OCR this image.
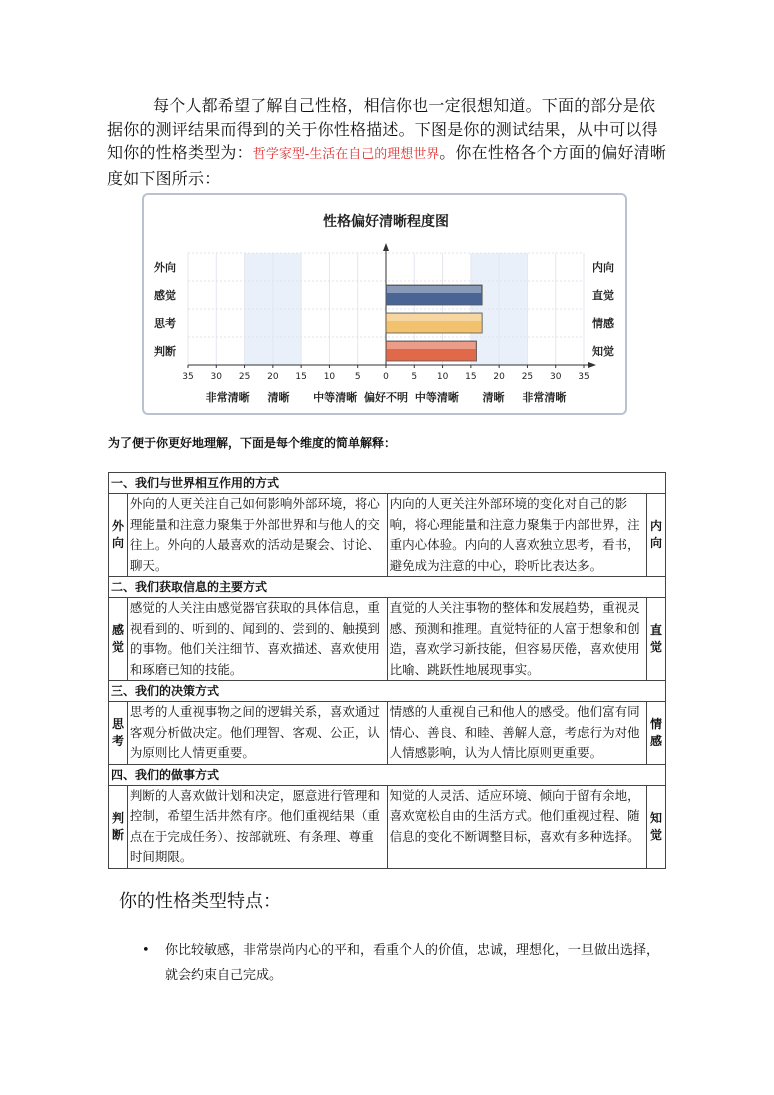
每个人都希望了解自己性格，相信你也一定很想知道。下面的部分是依据你的测评结果而得到的关于你性格描述。下图是你的测试结果，从中可以得知你的性格类型为：哲学家型-生活在自己的理想世界。你在性格各个方面的偏好清晰度如下图所示：

性格偏好清晰程度图
外向	内向
感觉	直觉
思考	情感
判断	知觉
35 30 25 20 15 10 5	0	5 10 15 20 25 30 35
非常清晰 清晰 中等清晰 偏好不明 中等清晰 清晰 非常清晰
为了便于你更好地理解，下面是每个维度的简单解释：
一、我们与世界相互作用的方式			
外向	外向的人更关注自己如何影响外部环境，将心理能量和注意力聚集于外部世界和与他人的交往上。外向的人最喜欢的活动是聚会、讨论、聊天。	内向的人更关注外部环境的变化对自己的影响，将心理能量和注意力聚集于内部世界，注重内心体验。内向的人喜欢独立思考，看书，避免成为注意的中心，聆听比表达多。	内向
二、我们获取信息的主要方式			
感觉	感觉的人关注由感觉器官获取的具体信息，重视看到的、听到的、闻到的、尝到的、触摸到的事物。他们关注细节、喜欢描述、喜欢使用和琢磨已知的技能。	直觉的人关注事物的整体和发展趋势，重视灵感、预测和推理。直觉特征的人富于想象和创造，喜欢学习新技能，但容易厌倦，喜欢使用比喻、跳跃性地展现事实。	直觉
三、我们的决策方式			
思考	思考的人重视事物之间的逻辑关系，喜欢通过客观分析做决定。他们理智、客观、公正，认为原则比人情更重要。	情感的人重视自己和他人的感受。他们富有同情心、善良、和睦、善解人意，考虑行为对他人情感影响，认为人情比原则更重要。	情感
四、我们的做事方式			
判断	判断的人喜欢做计划和决定，愿意进行管理和控制，希望生活井然有序。他们重视结果（重点在于完成任务）、按部就班、有条理、尊重时间期限。	知觉的人灵活、适应环境、倾向于留有余地，喜欢宽松自由的生活方式。他们重视过程、随信息的变化不断调整目标，喜欢有多种选择。	知觉
你的性格类型特点：
• 你比较敏感，非常崇尚内心的平和，看重个人的价值，忠诚，理想化，一旦做出选择，就会约束自己完成。
